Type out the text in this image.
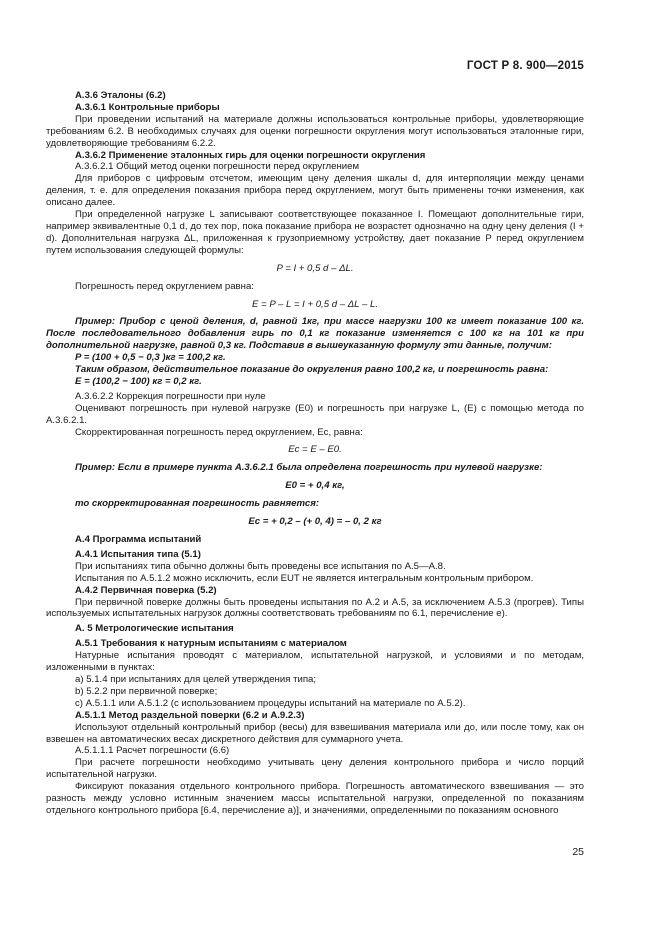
ГОСТ Р 8. 900—2015

А.3.6 Эталоны (6.2)

А.3.6.1 Контрольные приборы

При проведении испытаний на материале должны использоваться контрольные приборы, удовлетворяющие требованиям 6.2. В необходимых случаях для оценки погрешности округления могут использоваться эталонные гири, удовлетворяющие требованиям 6.2.2.

А.3.6.2 Применение эталонных гирь для оценки погрешности округления

А.3.6.2.1 Общий метод оценки погрешности перед округлением

Для приборов с цифровым отсчетом, имеющим цену деления шкалы d, для интерполяции между ценами деления, т. е. для определения показания прибора перед округлением, могут быть применены точки изменения, как описано далее.

При определенной нагрузке L записывают соответствующее показанное I. Помещают дополнительные гири, например эквивалентные 0,1 d, до тех пор, пока показание прибора не возрастет однозначно на одну цену деления (I + d). Дополнительная нагрузка ΔL, приложенная к грузоприемному устройству, дает показание P перед округлением путем использования следующей формулы:

P = I + 0,5 d – ΔL.

Погрешность перед округлением равна:

E = P – L = I + 0,5 d – ΔL – L.

Пример: Прибор с ценой деления, d, равной 1кг, при массе нагрузки 100 кг имеет показание 100 кг. После последовательного добавления гирь по 0,1 кг показание изменяется с 100 кг на 101 кг при дополнительной нагрузке, равной 0,3 кг. Подставив в вышеуказанную формулу эти данные, получим:

P = (100 + 0,5 − 0,3 )кг = 100,2 кг.

Таким образом, действительное показание до округления равно 100,2 кг, и погрешность равна:

E = (100,2 − 100) кг = 0,2 кг.

А.3.6.2.2 Коррекция погрешности при нуле

Оценивают погрешность при нулевой нагрузке (E0) и погрешность при нагрузке L, (E) с помощью метода по А.3.6.2.1.

Скорректированная погрешность перед округлением, Ec, равна:

Ec = E – E0.

Пример: Если в примере пункта А.3.6.2.1 была определена погрешность при нулевой нагрузке:

E0 = + 0,4 кг,

то скорректированная погрешность равняется:

Ec = + 0,2 – (+ 0, 4) = – 0, 2 кг

А.4 Программа испытаний

А.4.1 Испытания типа (5.1)

При испытаниях типа обычно должны быть проведены все испытания по А.5—А.8.

Испытания по А.5.1.2 можно исключить, если EUT не является интегральным контрольным прибором.

А.4.2 Первичная поверка (5.2)

При первичной поверке должны быть проведены испытания по А.2 и А.5, за исключением А.5.3 (прогрев). Типы используемых испытательных нагрузок должны соответствовать требованиям по 6.1, перечисление е).

А. 5 Метрологические испытания

А.5.1 Требования к натурным испытаниям с материалом

Натурные испытания проводят с материалом, испытательной нагрузкой, и условиями и по методам, изложенными в пунктах:

a) 5.1.4 при испытаниях для целей утверждения типа;

b) 5.2.2 при первичной поверке;

c) А.5.1.1 или А.5.1.2 (с использованием процедуры испытаний на материале по А.5.2).

А.5.1.1 Метод раздельной поверки (6.2 и А.9.2.3)

Используют отдельный контрольный прибор (весы) для взвешивания материала или до, или после тому, как он взвешен на автоматических весах дискретного действия для суммарного учета.

А.5.1.1.1 Расчет погрешности (6.6)

При расчете погрешности необходимо учитывать цену деления контрольного прибора и число порций испытательной нагрузки.

Фиксируют показания отдельного контрольного прибора. Погрешность автоматического взвешивания — это разность между условно истинным значением массы испытательной нагрузки, определенной по показаниям отдельного контрольного прибора [6.4, перечисление а)], и значениями, определенными по показаниям основного

25
